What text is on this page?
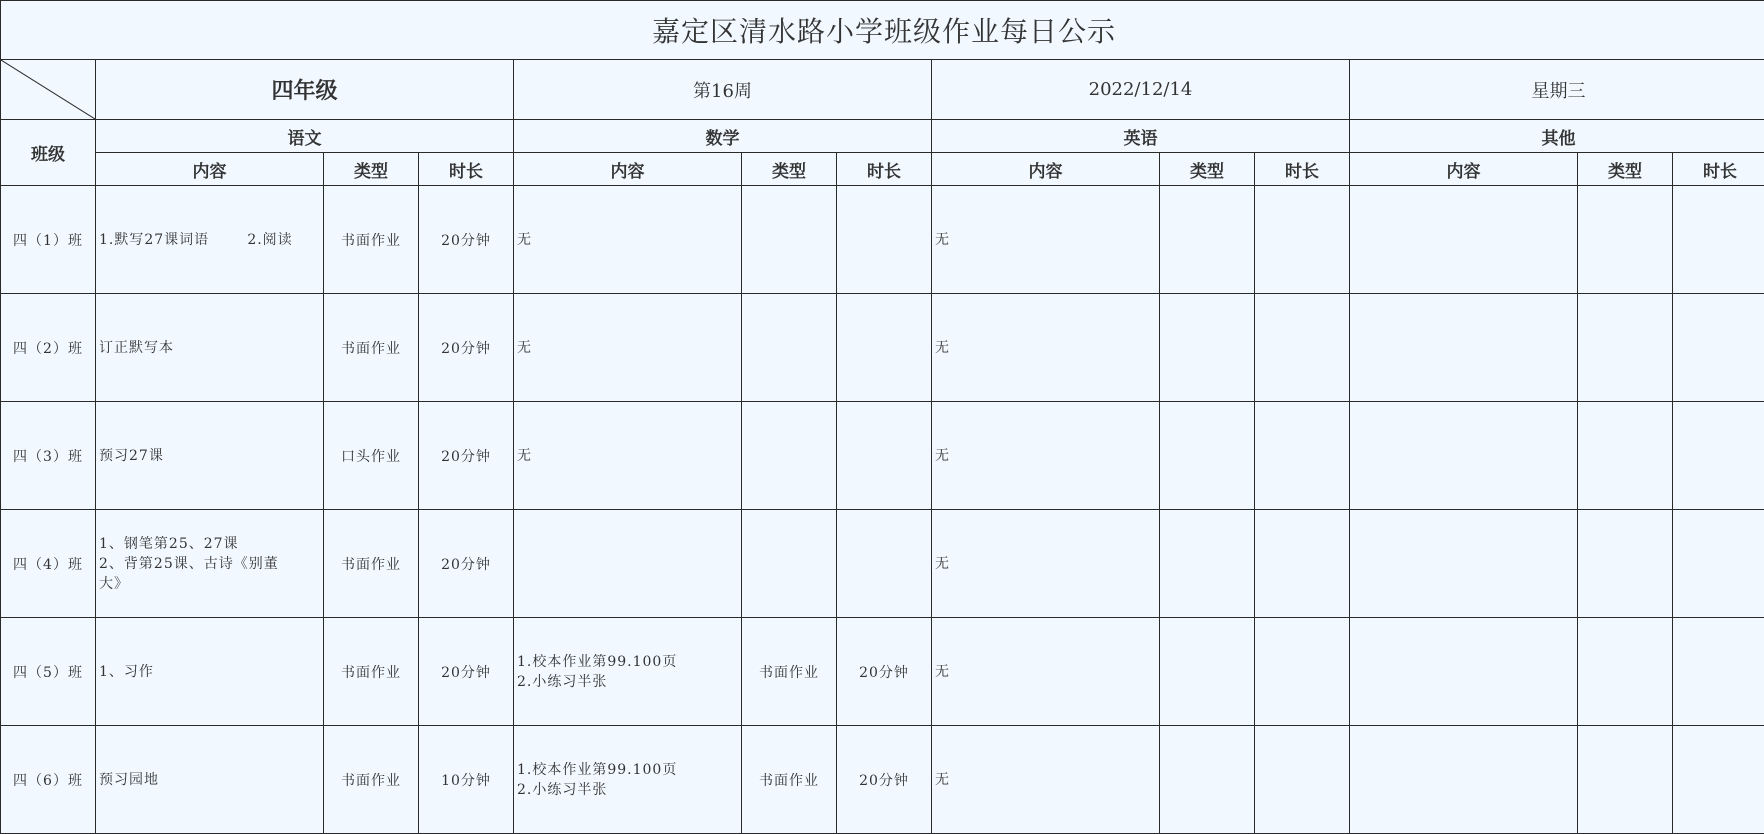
嘉定区清水路小学班级作业每日公示												

	四年级			第16周			2022/12/14			星期三		
班级	语文			数学			英语			其他		
	内容	类型	时长	内容	类型	时长	内容	类型	时长	内容	类型	时长
四（1）班	1.默写27课词语       2.阅读	书面作业	20分钟	无			无					

四（2）班	订正默写本	书面作业	20分钟	无			无					

四（3）班	预习27课	口头作业	20分钟	无			无					

四（4）班	1、钢笔第25、27课
2、背第25课、古诗《别董
大》	书面作业	20分钟				无					

四（5）班	1、习作	书面作业	20分钟	1.校本作业第99.100页
2.小练习半张	书面作业	20分钟	无					

四（6）班	预习园地	书面作业	10分钟	1.校本作业第99.100页
2.小练习半张	书面作业	20分钟	无					
